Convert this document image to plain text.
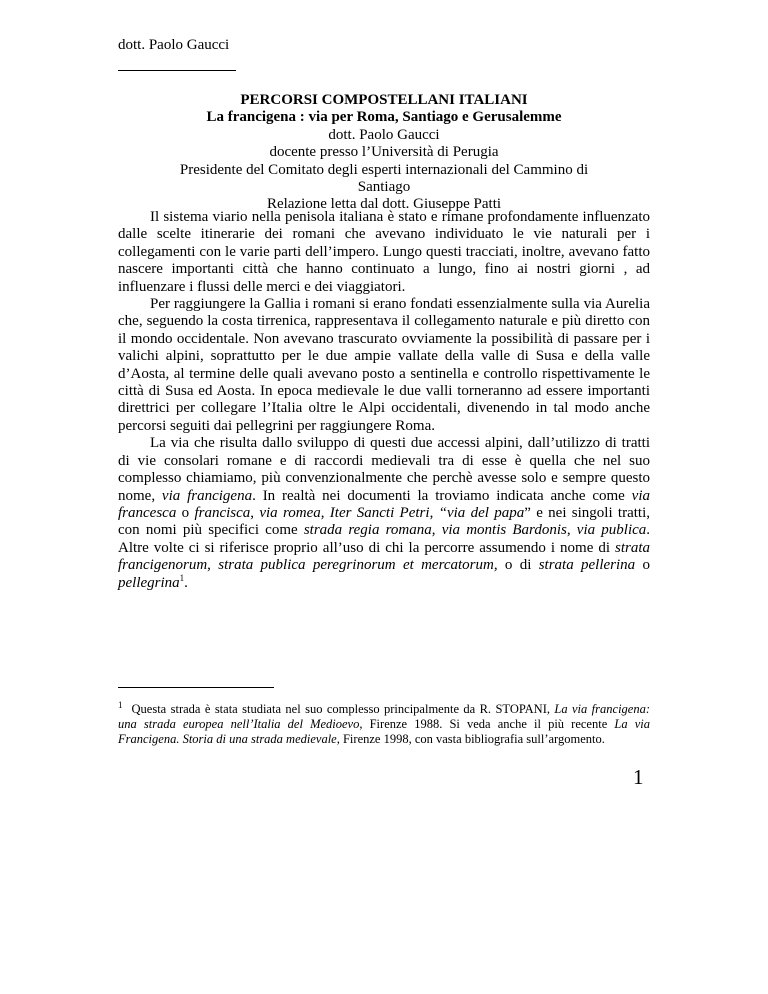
dott. Paolo Gaucci
PERCORSI COMPOSTELLANI ITALIANI
La francigena : via per Roma, Santiago e Gerusalemme
dott. Paolo Gaucci
docente presso l’Università di Perugia
Presidente del Comitato degli esperti internazionali del Cammino di
Santiago
Relazione letta dal dott. Giuseppe Patti

Il sistema viario nella penisola italiana è stato e rimane profondamente influenzato dalle scelte itinerarie dei romani che avevano individuato le vie naturali per i collegamenti con le varie parti dell’impero. Lungo questi tracciati, inoltre, avevano fatto nascere importanti città che hanno continuato a lungo, fino ai nostri giorni , ad influenzare i flussi delle merci e dei viaggiatori.

Per raggiungere la Gallia i romani si erano fondati essenzialmente sulla via Aurelia che, seguendo la costa tirrenica, rappresentava il collegamento naturale e più diretto con il mondo occidentale. Non avevano trascurato ovviamente la possibilità di passare per i valichi alpini, soprattutto per le due ampie vallate della valle di Susa e della valle d’Aosta, al termine delle quali avevano posto a sentinella e controllo rispettivamente le città di Susa ed Aosta. In epoca medievale le due valli torneranno ad essere importanti direttrici per collegare l’Italia oltre le Alpi occidentali, divenendo in tal modo anche percorsi seguiti dai pellegrini per raggiungere Roma.

La via che risulta dallo sviluppo di questi due accessi alpini, dall’utilizzo di tratti di vie consolari romane e di raccordi medievali tra di esse è quella che nel suo complesso chiamiamo, più convenzionalmente che perchè avesse solo e sempre questo nome, via francigena. In realtà nei documenti la troviamo indicata anche come via francesca o francisca, via romea, Iter Sancti Petri, “via del papa” e nei singoli tratti, con nomi più specifici come strada regia romana, via montis Bardonis, via publica. Altre volte ci si riferisce proprio all’uso di chi la percorre assumendo i nome di strata francigenorum, strata publica peregrinorum et mercatorum, o di strata pellerina o pellegrina$^1$.

$^1$ Questa strada è stata studiata nel suo complesso principalmente da R. STOPANI, La via francigena: una strada europea nell’Italia del Medioevo, Firenze 1988. Si veda anche il più recente La via Francigena. Storia di una strada medievale, Firenze 1998, con vasta bibliografia sull’argomento.
1
